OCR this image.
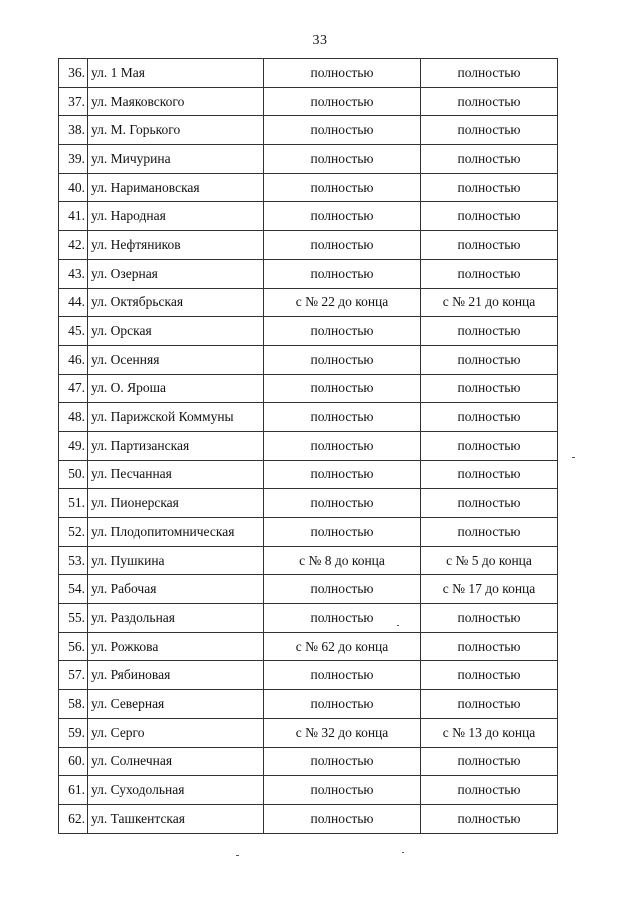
33
36.	ул. 1 Мая	полностью	полностью
37.	ул. Маяковского	полностью	полностью
38.	ул. М. Горького	полностью	полностью
39.	ул. Мичурина	полностью	полностью
40.	ул. Наримановская	полностью	полностью
41.	ул. Народная	полностью	полностью
42.	ул. Нефтяников	полностью	полностью
43.	ул. Озерная	полностью	полностью
44.	ул. Октябрьская	с № 22 до конца	с № 21 до конца
45.	ул. Орская	полностью	полностью
46.	ул. Осенняя	полностью	полностью
47.	ул. О. Яроша	полностью	полностью
48.	ул. Парижской Коммуны	полностью	полностью
49.	ул. Партизанская	полностью	полностью
50.	ул. Песчанная	полностью	полностью
51.	ул. Пионерская	полностью	полностью
52.	ул. Плодопитомническая	полностью	полностью
53.	ул. Пушкина	с № 8 до конца	с № 5 до конца
54.	ул. Рабочая	полностью	с № 17 до конца
55.	ул. Раздольная	полностью	полностью
56.	ул. Рожкова	с № 62 до конца	полностью
57.	ул. Рябиновая	полностью	полностью
58.	ул. Северная	полностью	полностью
59.	ул. Серго	с № 32 до конца	с № 13 до конца
60.	ул. Солнечная	полностью	полностью
61.	ул. Суходольная	полностью	полностью
62.	ул. Ташкентская	полностью	полностью
